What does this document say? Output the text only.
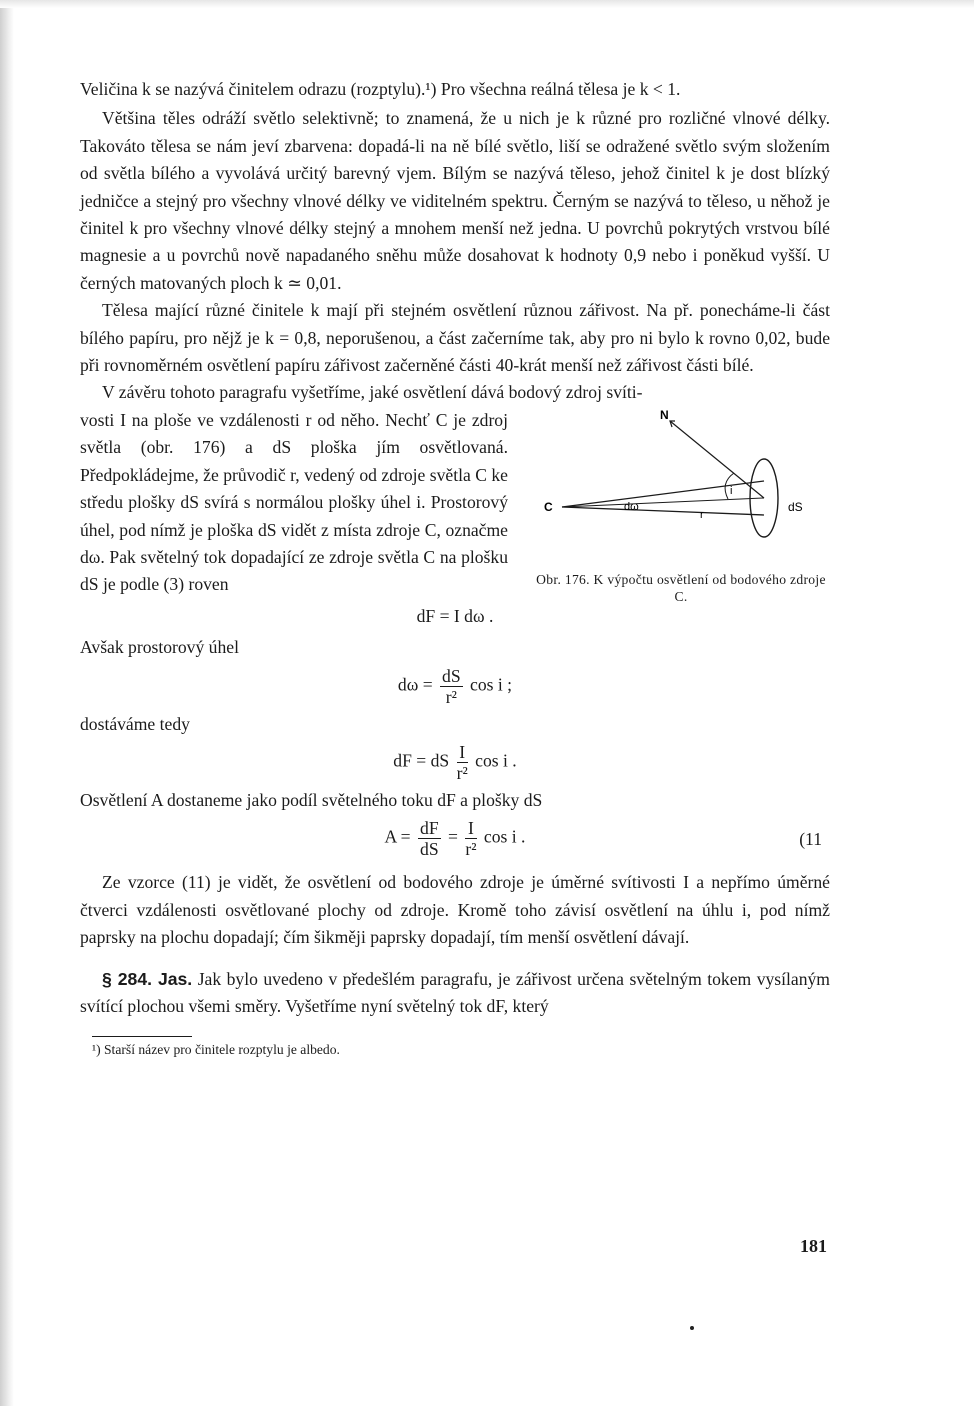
Veličina k se nazývá činitelem odrazu (rozptylu).¹) Pro všechna reálná tělesa je k < 1.

Většina těles odráží světlo selektivně; to znamená, že u nich je k různé pro rozličné vlnové délky. Takováto tělesa se nám jeví zbarvena: dopadá-li na ně bílé světlo, liší se odražené světlo svým složením od světla bílého a vyvolává určitý barevný vjem. Bílým se nazývá těleso, jehož činitel k je dost blízký jedničce a stejný pro všechny vlnové délky ve viditelném spektru. Černým se nazývá to těleso, u něhož je činitel k pro všechny vlnové délky stejný a mnohem menší než jedna. U povrchů pokrytých vrstvou bílé magnesie a u povrchů nově napadaného sněhu může dosahovat k hodnoty 0,9 nebo i poněkud vyšší. U černých matovaných ploch k ≃ 0,01.

Tělesa mající různé činitele k mají při stejném osvětlení různou zářivost. Na př. ponecháme-li část bílého papíru, pro nějž je k = 0,8, neporušenou, a část začerníme tak, aby pro ni bylo k rovno 0,02, bude při rovnoměrném osvětlení papíru zářivost začerněné části 40-krát menší než zářivost části bílé.

V závěru tohoto paragrafu vyšetříme, jaké osvětlení dává bodový zdroj svíti-

vosti I na ploše ve vzdálenosti r od něho. Nechť C je zdroj světla (obr. 176) a dS ploška jím osvětlovaná. Předpokládejme, že průvodič r, vedený od zdroje světla C ke středu plošky dS svírá s normálou plošky úhel i. Prostorový úhel, pod nímž je ploška dS vidět z místa zdroje C, označme dω. Pak světelný tok dopadající ze zdroje světla C na plošku dS je podle (3) roven

N
C	dω
r
i
dS
Obr. 176. K výpočtu osvětlení od bodového zdroje C.
dF = I dω .

Avšak prostorový úhel

$d\omega = \frac{dS}{\text{r²}}$ cos i ;

dostáváme tedy

dF = dS $\frac{I}{\text{r²}}$ cos i .

Osvětlení A dostaneme jako podíl světelného toku dF a plošky dS

$A = \frac{dF}{dS} = \frac{I}{\text{r²}}$ cos i .	(11

Ze vzorce (11) je vidět, že osvětlení od bodového zdroje je úměrné svítivosti I a nepřímo úměrné čtverci vzdálenosti osvětlované plochy od zdroje. Kromě toho závisí osvětlení na úhlu i, pod nímž paprsky na plochu dopadají; čím šikměji paprsky dopadají, tím menší osvětlení dávají.

§ 284. Jas. Jak bylo uvedeno v předešlém paragrafu, je zářivost určena světelným tokem vysílaným svítící plochou všemi směry. Vyšetříme nyní světelný tok dF, který

¹) Starší název pro činitele rozptylu je albedo.
181
